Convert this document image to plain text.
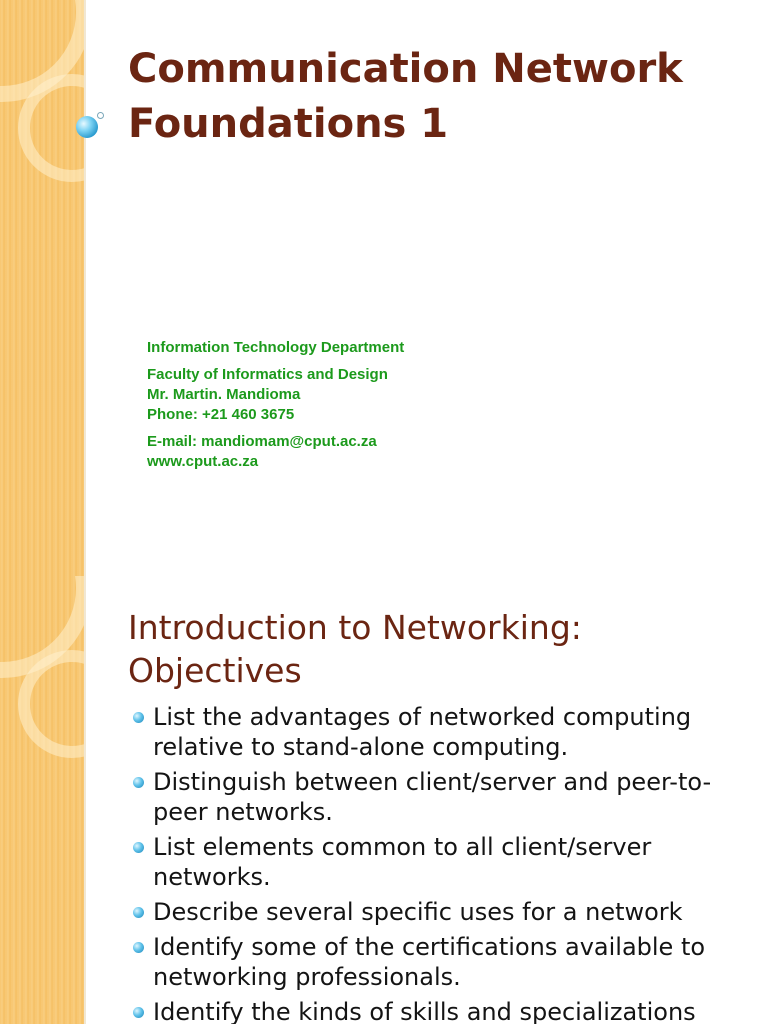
Communication Network
Foundations 1
Information Technology Department
Faculty of Informatics and Design
Mr. Martin. Mandioma
Phone: +21 460 3675
E-mail: mandiomam@cput.ac.za
www.cput.ac.za
Introduction to Networking:
Objectives
List the advantages of networked computing
relative to stand-alone computing.
Distinguish between client/server and peer-to-
peer networks.
List elements common to all client/server
networks.
Describe several specific uses for a network
Identify some of the certifications available to
networking professionals.
Identify the kinds of skills and specializations
